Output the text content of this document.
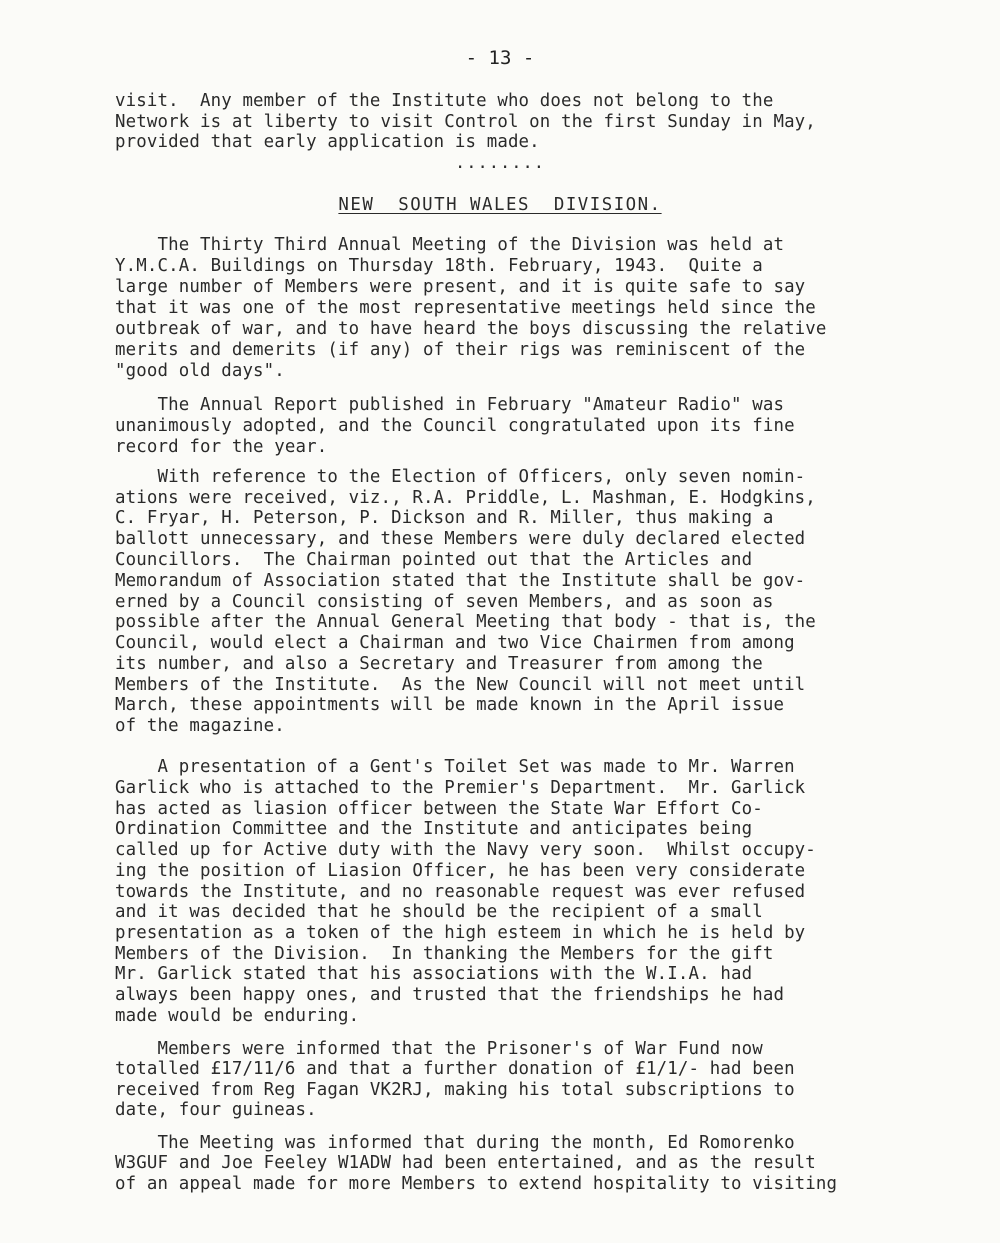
- 13 -
visit.  Any member of the Institute who does not belong to the
Network is at liberty to visit Control on the first Sunday in May,
provided that early application is made.
........
NEW  SOUTH WALES  DIVISION.
The Thirty Third Annual Meeting of the Division was held at
Y.M.C.A. Buildings on Thursday 18th. February, 1943.  Quite a
large number of Members were present, and it is quite safe to say
that it was one of the most representative meetings held since the
outbreak of war, and to have heard the boys discussing the relative
merits and demerits (if any) of their rigs was reminiscent of the
"good old days".
The Annual Report published in February "Amateur Radio" was
unanimously adopted, and the Council congratulated upon its fine
record for the year.
With reference to the Election of Officers, only seven nomin-
ations were received, viz., R.A. Priddle, L. Mashman, E. Hodgkins,
C. Fryar, H. Peterson, P. Dickson and R. Miller, thus making a
ballott unnecessary, and these Members were duly declared elected
Councillors.  The Chairman pointed out that the Articles and
Memorandum of Association stated that the Institute shall be gov-
erned by a Council consisting of seven Members, and as soon as
possible after the Annual General Meeting that body - that is, the
Council, would elect a Chairman and two Vice Chairmen from among
its number, and also a Secretary and Treasurer from among the
Members of the Institute.  As the New Council will not meet until
March, these appointments will be made known in the April issue
of the magazine.
A presentation of a Gent's Toilet Set was made to Mr. Warren
Garlick who is attached to the Premier's Department.  Mr. Garlick
has acted as liasion officer between the State War Effort Co-
Ordination Committee and the Institute and anticipates being
called up for Active duty with the Navy very soon.  Whilst occupy-
ing the position of Liasion Officer, he has been very considerate
towards the Institute, and no reasonable request was ever refused
and it was decided that he should be the recipient of a small
presentation as a token of the high esteem in which he is held by
Members of the Division.  In thanking the Members for the gift
Mr. Garlick stated that his associations with the W.I.A. had
always been happy ones, and trusted that the friendships he had
made would be enduring.
Members were informed that the Prisoner's of War Fund now
totalled £17/11/6 and that a further donation of £1/1/- had been
received from Reg Fagan VK2RJ, making his total subscriptions to
date, four guineas.
The Meeting was informed that during the month, Ed Romorenko
W3GUF and Joe Feeley W1ADW had been entertained, and as the result
of an appeal made for more Members to extend hospitality to visiting
